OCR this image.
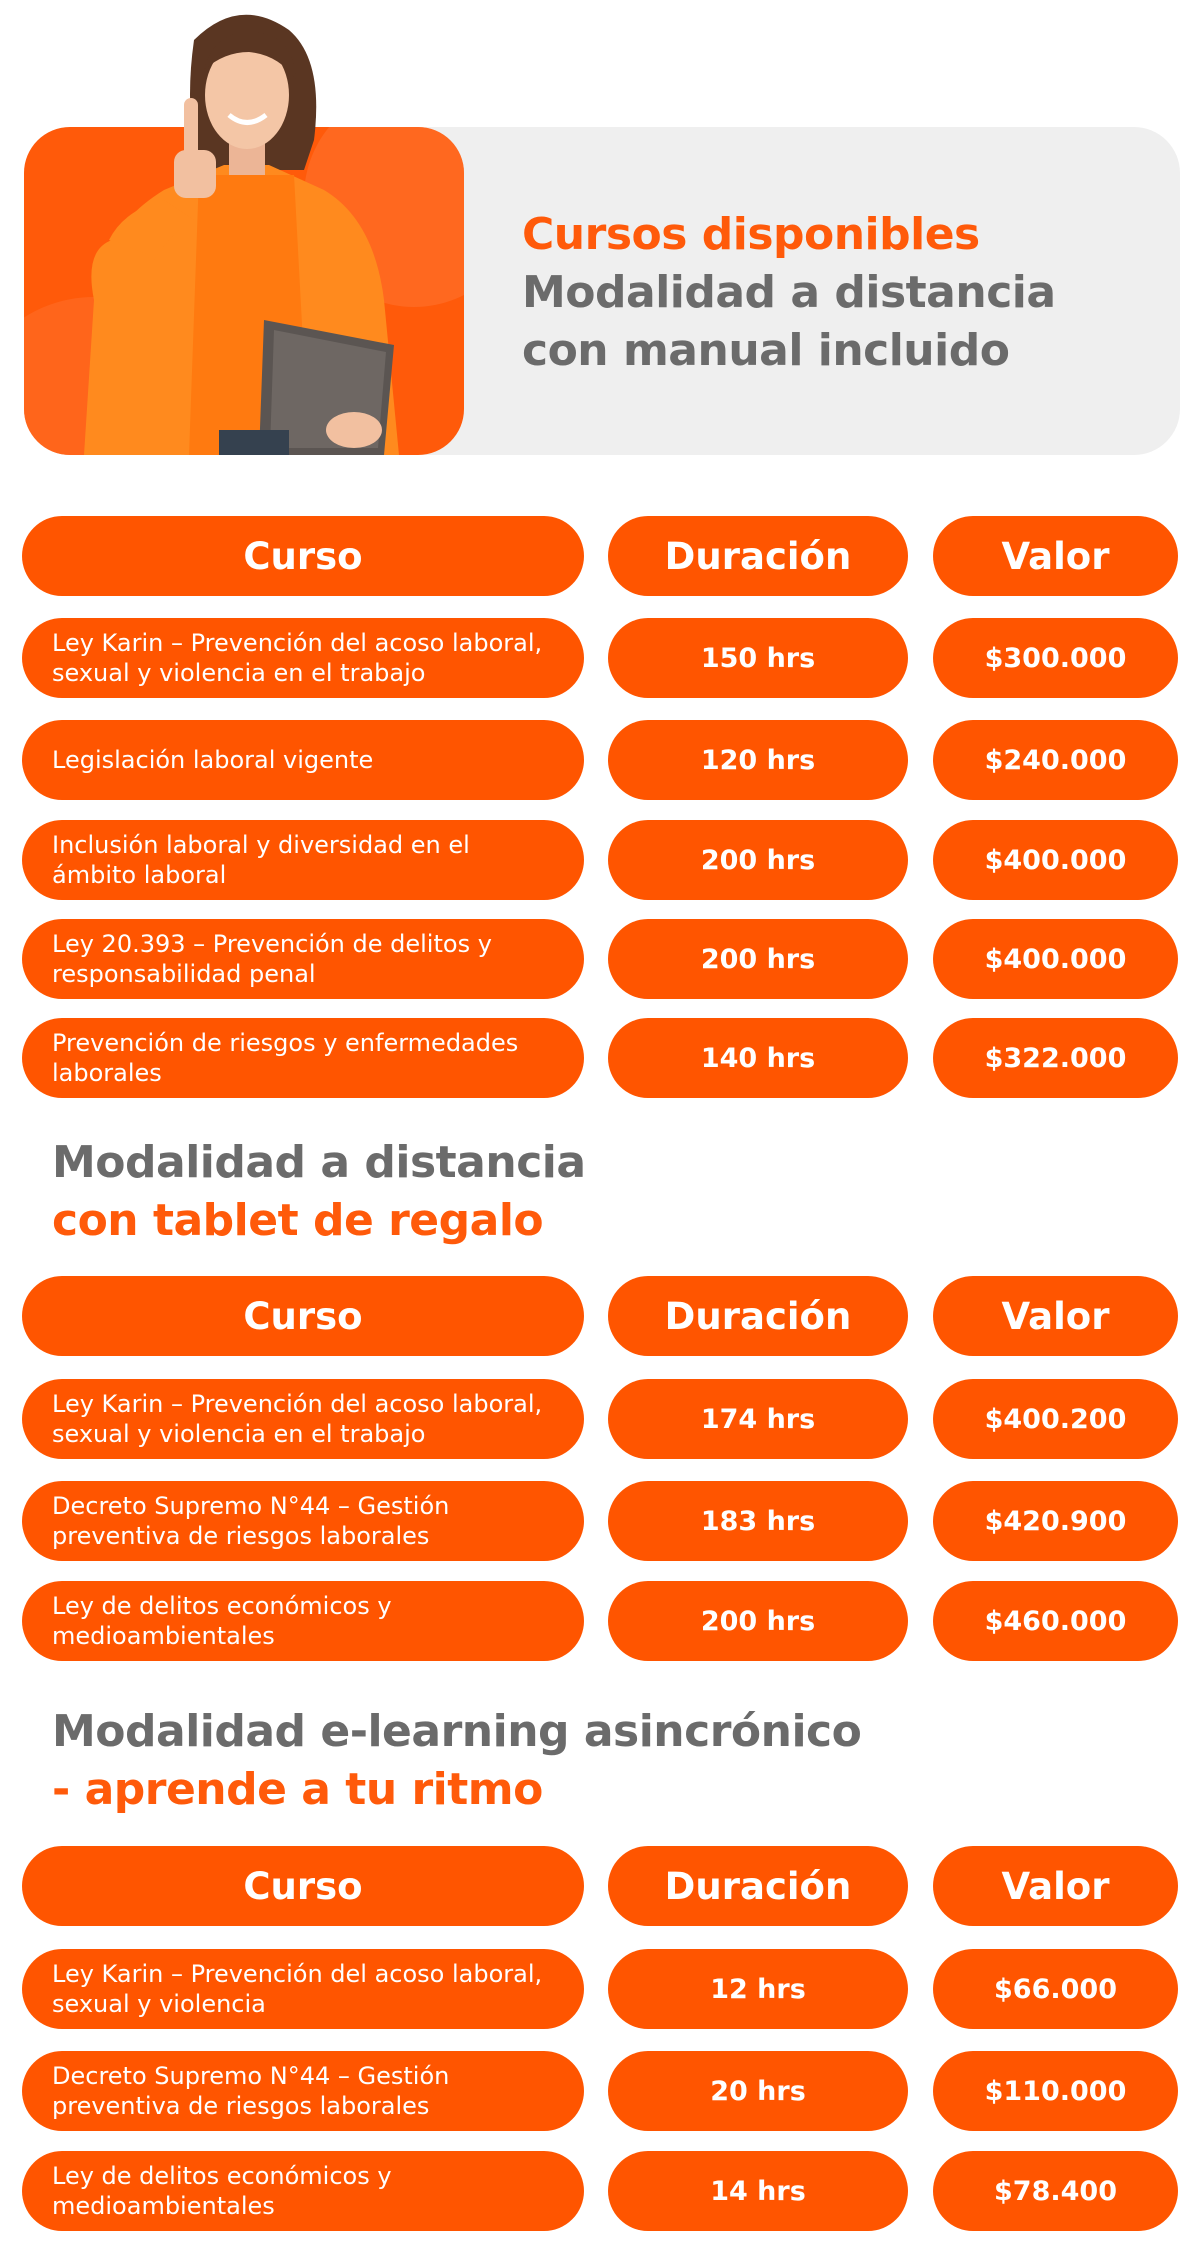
Cursos disponibles
Modalidad a distancia
con manual incluido
Curso	Duración	Valor
Ley Karin – Prevención del acoso laboral, sexual y violencia en el trabajo	150 hrs	$300.000
Legislación laboral vigente	120 hrs	$240.000
Inclusión laboral y diversidad en el ámbito laboral	200 hrs	$400.000
Ley 20.393 – Prevención de delitos y responsabilidad penal	200 hrs	$400.000
Prevención de riesgos y enfermedades laborales	140 hrs	$322.000
Modalidad a distancia
con tablet de regalo
Curso	Duración	Valor
Ley Karin – Prevención del acoso laboral, sexual y violencia en el trabajo	174 hrs	$400.200
Decreto Supremo N°44 – Gestión preventiva de riesgos laborales	183 hrs	$420.900
Ley de delitos económicos y medioambientales	200 hrs	$460.000
Modalidad e-learning asincrónico
- aprende a tu ritmo
Curso	Duración	Valor
Ley Karin – Prevención del acoso laboral, sexual y violencia	12 hrs	$66.000
Decreto Supremo N°44 – Gestión preventiva de riesgos laborales	20 hrs	$110.000
Ley de delitos económicos y medioambientales	14 hrs	$78.400
